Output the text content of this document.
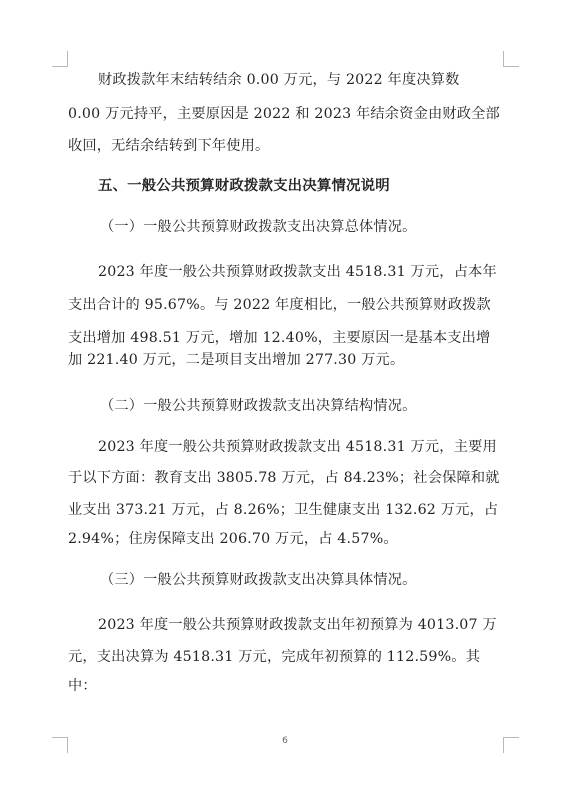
财政拨款年末结转结余 0.00 万元，与 2022 年度决算数
0.00 万元持平，主要原因是 2022 和 2023 年结余资金由财政全部
收回，无结余结转到下年使用。
五、一般公共预算财政拨款支出决算情况说明
（一）一般公共预算财政拨款支出决算总体情况。
2023 年度一般公共预算财政拨款支出 4518.31 万元，占本年
支出合计的 95.67%。与 2022 年度相比，一般公共预算财政拨款
支出增加 498.51 万元，增加 12.40%，主要原因一是基本支出增
加 221.40 万元，二是项目支出增加 277.30 万元。
（二）一般公共预算财政拨款支出决算结构情况。
2023 年度一般公共预算财政拨款支出 4518.31 万元，主要用
于以下方面：教育支出 3805.78 万元，占 84.23%；社会保障和就
业支出 373.21 万元，占 8.26%；卫生健康支出 132.62 万元，占
2.94%；住房保障支出 206.70 万元，占 4.57%。
（三）一般公共预算财政拨款支出决算具体情况。
2023 年度一般公共预算财政拨款支出年初预算为 4013.07 万
元，支出决算为 4518.31 万元，完成年初预算的 112.59%。其
中：
6
